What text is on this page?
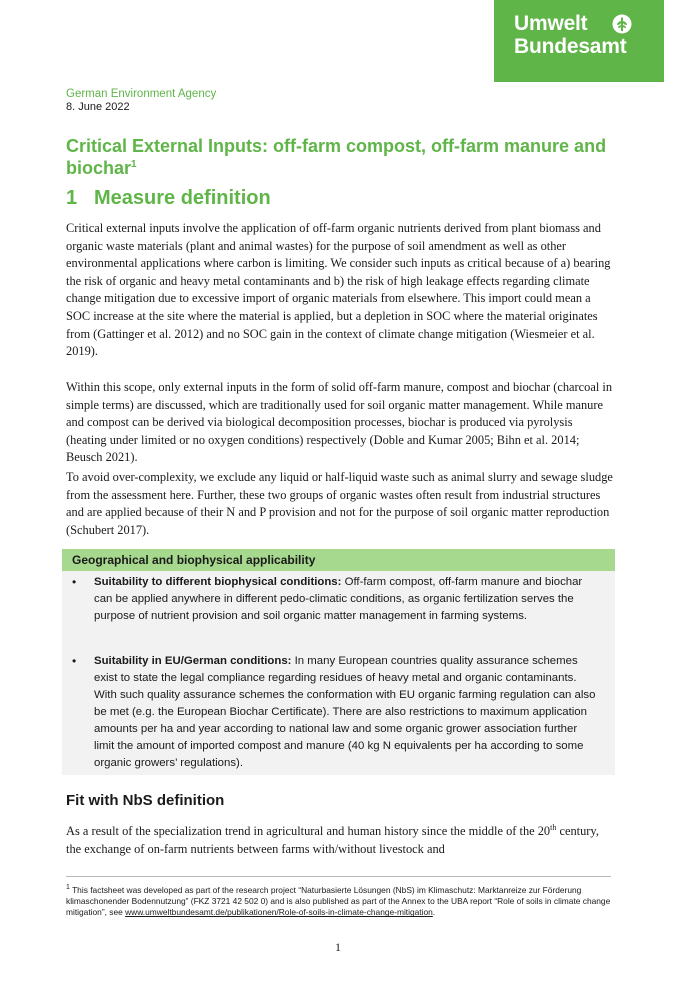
Umwelt
Bundesamt
German Environment Agency
8. June 2022
Critical External Inputs: off-farm compost, off-farm manure and biochar$^1$
1 Measure definition

Critical external inputs involve the application of off-farm organic nutrients derived from plant biomass and organic waste materials (plant and animal wastes) for the purpose of soil amendment as well as other environmental applications where carbon is limiting. We consider such inputs as critical because of a) bearing the risk of organic and heavy metal contaminants and b) the risk of high leakage effects regarding climate change mitigation due to excessive import of organic materials from elsewhere. This import could mean a SOC increase at the site where the material is applied, but a depletion in SOC where the material originates from (Gattinger et al. 2012) and no SOC gain in the context of climate change mitigation (Wiesmeier et al. 2019).

Within this scope, only external inputs in the form of solid off-farm manure, compost and biochar (charcoal in simple terms) are discussed, which are traditionally used for soil organic matter management. While manure and compost can be derived via biological decomposition processes, biochar is produced via pyrolysis (heating under limited or no oxygen conditions) respectively (Doble and Kumar 2005; Bihn et al. 2014; Beusch 2021).

To avoid over-complexity, we exclude any liquid or half-liquid waste such as animal slurry and sewage sludge from the assessment here. Further, these two groups of organic wastes often result from industrial structures and are applied because of their N and P provision and not for the purpose of soil organic matter reproduction (Schubert 2017).

Geographical and biophysical applicability
• Suitability to different biophysical conditions: Off-farm compost, off-farm manure and biochar can be applied anywhere in different pedo-climatic conditions, as organic fertilization serves the purpose of nutrient provision and soil organic matter management in farming systems.
• Suitability in EU/German conditions: In many European countries quality assurance schemes exist to state the legal compliance regarding residues of heavy metal and organic contaminants. With such quality assurance schemes the conformation with EU organic farming regulation can also be met (e.g. the European Biochar Certificate). There are also restrictions to maximum application amounts per ha and year according to national law and some organic grower association further limit the amount of imported compost and manure (40 kg N equivalents per ha according to some organic growers’ regulations).
Fit with NbS definition

As a result of the specialization trend in agricultural and human history since the middle of the 20th century, the exchange of on-farm nutrients between farms with/without livestock and

$^1$ This factsheet was developed as part of the research project “Naturbasierte Lösungen (NbS) im Klimaschutz: Marktanreize zur Förderung klimaschonender Bodennutzung” (FKZ 3721 42 502 0) and is also published as part of the Annex to the UBA report “Role of soils in climate change mitigation”, see www.umweltbundesamt.de/publikationen/Role-of-soils-in-climate-change-mitigation.
1
